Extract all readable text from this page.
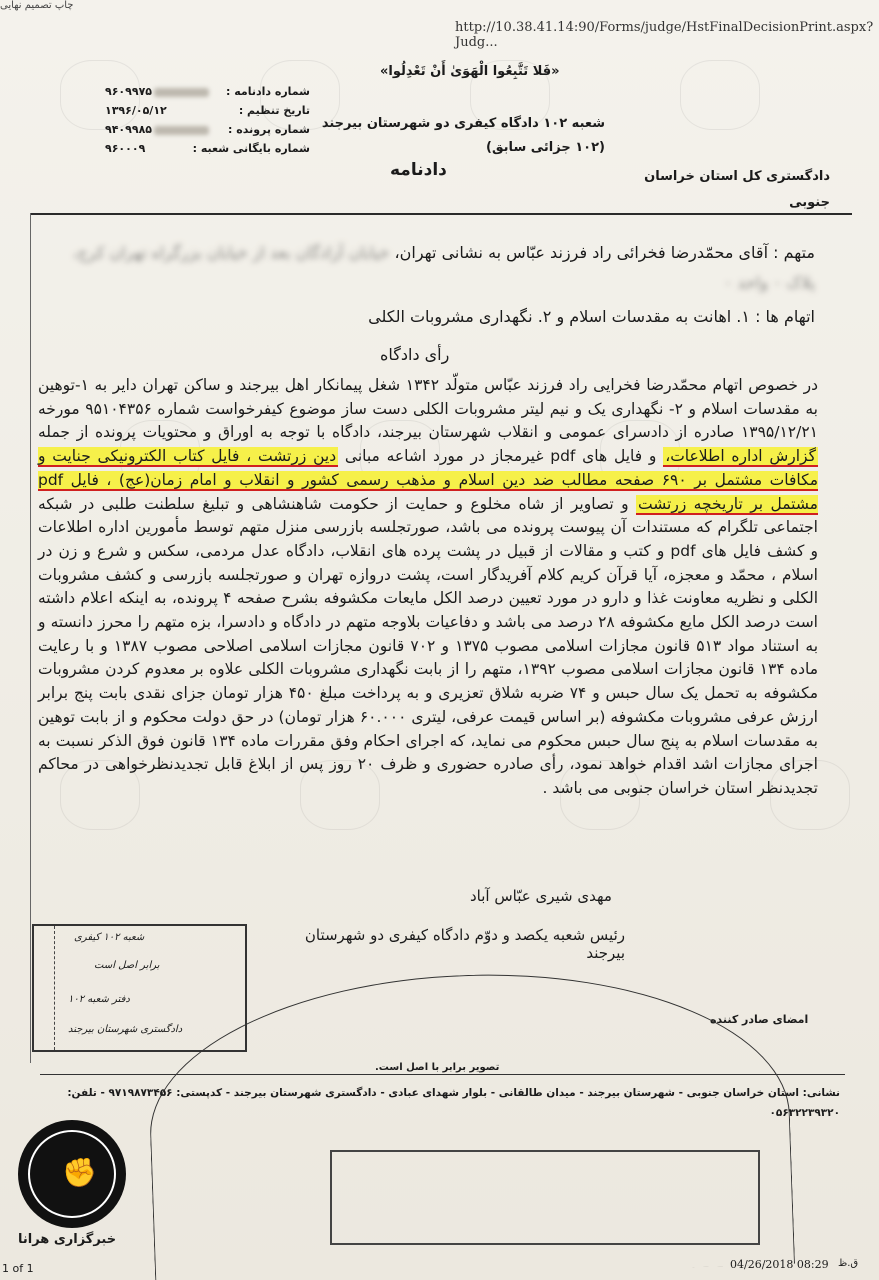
چاپ تصمیم نهایی
http://10.38.41.14:90/Forms/judge/HstFinalDecisionPrint.aspx?Judg...
«فَلا تَتَّبِعُوا الْهَوَىٰ أَنْ تَعْدِلُوا»
شماره دادنامه :
۹۶۰۹۹۷۵
تاریخ تنظیم :
۱۳۹۶/۰۵/۱۲
شماره پرونده :
۹۴۰۹۹۸۵
شماره بایگانی شعبه :
۹۶۰۰۰۹
شعبه ۱۰۲ دادگاه کیفری دو شهرستان بیرجند (۱۰۲ جزائی سابق)
دادنامه	دادگستری کل استان خراسان جنوبی
متهم : آقای محمّدرضا فخرائی راد فرزند عبّاس به نشانی تهران، خیابان آزادگان بعد از خیابان بزرگراه تهران کرج، پلاک ۰ واحد ۰
اتهام ها : ۱. اهانت به مقدسات اسلام و ۲. نگهداری مشروبات الکلی
رأی دادگاه

در خصوص اتهام محمّدرضا فخرایی راد فرزند عبّاس متولّد ۱۳۴۲ شغل پیمانکار اهل بیرجند و ساکن تهران دایر به ۱-توهین به مقدسات اسلام و ۲- نگهداری یک و نیم لیتر مشروبات الکلی دست ساز موضوع کیفرخواست شماره ۹۵۱۰۴۳۵۶ مورخه ۱۳۹۵/۱۲/۲۱ صادره از دادسرای عمومی و انقلاب شهرستان بیرجند، دادگاه با توجه به اوراق و محتویات پرونده از جمله گزارش اداره اطلاعات، و فایل های pdf غیرمجاز در مورد اشاعه مبانی دین زرتشت ، فایل کتاب الکترونیکی جنایت و مکافات مشتمل بر ۶۹۰ صفحه مطالب ضد دین اسلام و مذهب رسمی کشور و انقلاب و امام زمان(عج) ، فایل pdf مشتمل بر تاریخچه زرتشت و تصاویر از شاه مخلوع و حمایت از حکومت شاهنشاهی و تبلیغ سلطنت طلبی در شبکه اجتماعی تلگرام که مستندات آن پیوست پرونده می باشد، صورتجلسه بازرسی منزل متهم توسط مأمورین اداره اطلاعات و کشف فایل های pdf و کتب و مقالات از قبیل در پشت پرده های انقلاب، دادگاه عدل مردمی، سکس و شرع و زن در اسلام ، محمّد و معجزه، آیا قرآن کریم کلام آفریدگار است، پشت دروازه تهران و صورتجلسه بازرسی و کشف مشروبات الکلی و نظریه معاونت غذا و دارو در مورد تعیین درصد الکل مایعات مکشوفه بشرح صفحه ۴ پرونده، به اینکه اعلام داشته است درصد الکل مایع مکشوفه ۲۸ درصد می باشد و دفاعیات بلاوجه متهم در دادگاه و دادسرا، بزه متهم را محرز دانسته و به استناد مواد ۵۱۳ قانون مجازات اسلامی مصوب ۱۳۷۵ و ۷۰۲ قانون مجازات اسلامی اصلاحی مصوب ۱۳۸۷ و با رعایت ماده ۱۳۴ قانون مجازات اسلامی مصوب ۱۳۹۲، متهم را از بابت نگهداری مشروبات الکلی علاوه بر معدوم کردن مشروبات مکشوفه به تحمل یک سال حبس و ۷۴ ضربه شلاق تعزیری و به پرداخت مبلغ ۴۵۰ هزار تومان جزای نقدی بابت پنج برابر ارزش عرفی مشروبات مکشوفه (بر اساس قیمت عرفی، لیتری ۶۰.۰۰۰ هزار تومان) در حق دولت محکوم و از بابت توهین به مقدسات اسلام به پنج سال حبس محکوم می نماید، که اجرای احکام وفق مقررات ماده ۱۳۴ قانون فوق الذکر نسبت به اجرای مجازات اشد اقدام خواهد نمود، رأی صادره حضوری و ظرف ۲۰ روز پس از ابلاغ قابل تجدیدنظرخواهی در محاکم تجدیدنظر استان خراسان جنوبی می باشد .

مهدی شیری عبّاس آباد
رئیس شعبه یکصد و دوّم دادگاه کیفری دو شهرستان بیرجند
شعبه ۱۰۲ کیفری
برابر اصل است
دفتر شعبه ۱۰۲
دادگستری شهرستان بیرجند
امضای صادر کننده
تصویر برابر با اصل است.
نشانی: استان خراسان جنوبی - شهرستان بیرجند - میدان طالقانی - بلوار شهدای عبادی - دادگستری شهرستان بیرجند - کدپستی: ۹۷۱۹۸۷۳۴۵۶ - تلفن: ۰۵۶۳۲۲۳۹۳۲۰
✊
خبرگزاری هرانا
1 of 1	04/26/2018 08:29 ق.ظ
